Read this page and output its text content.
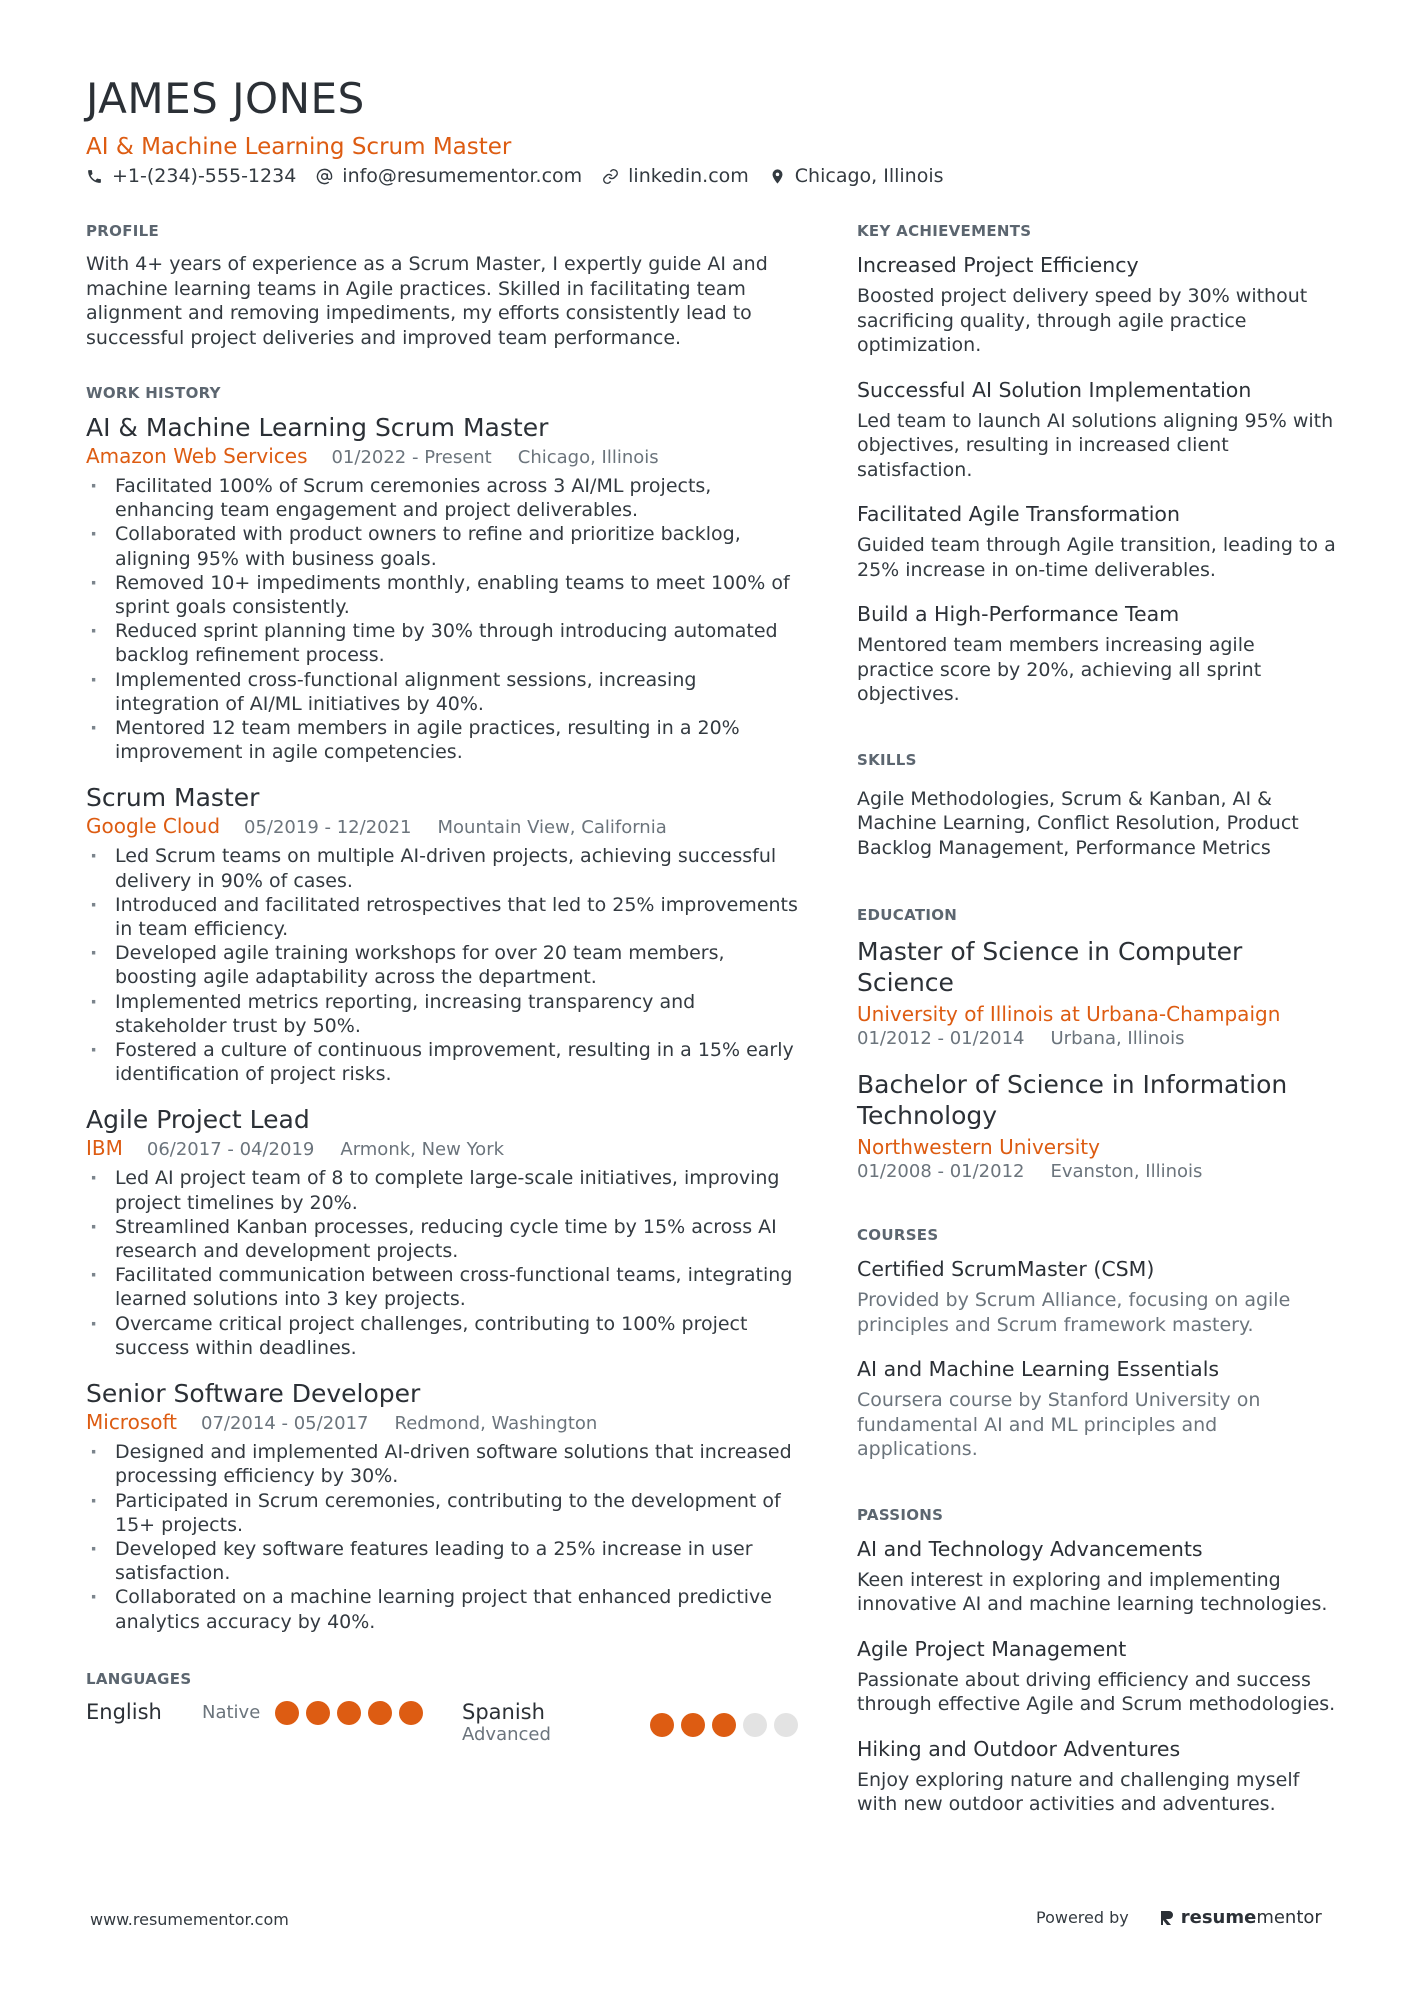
JAMES JONES
AI & Machine Learning Scrum Master
+1-(234)-555-1234 info@resumementor.com linkedin.com Chicago, Illinois
PROFILE

With 4+ years of experience as a Scrum Master, I expertly guide AI and machine learning teams in Agile practices. Skilled in facilitating team alignment and removing impediments, my efforts consistently lead to successful project deliveries and improved team performance.

WORK HISTORY
AI & Machine Learning Scrum Master
Amazon Web Services 01/2022 - Present Chicago, Illinois
· Facilitated 100% of Scrum ceremonies across 3 AI/ML projects, enhancing team engagement and project deliverables.
· Collaborated with product owners to refine and prioritize backlog, aligning 95% with business goals.
· Removed 10+ impediments monthly, enabling teams to meet 100% of sprint goals consistently.
· Reduced sprint planning time by 30% through introducing automated backlog refinement process.
· Implemented cross-functional alignment sessions, increasing integration of AI/ML initiatives by 40%.
· Mentored 12 team members in agile practices, resulting in a 20% improvement in agile competencies.
Scrum Master
Google Cloud 05/2019 - 12/2021 Mountain View, California
· Led Scrum teams on multiple AI-driven projects, achieving successful delivery in 90% of cases.
· Introduced and facilitated retrospectives that led to 25% improvements in team efficiency.
· Developed agile training workshops for over 20 team members, boosting agile adaptability across the department.
· Implemented metrics reporting, increasing transparency and stakeholder trust by 50%.
· Fostered a culture of continuous improvement, resulting in a 15% early identification of project risks.
Agile Project Lead
IBM 06/2017 - 04/2019 Armonk, New York
· Led AI project team of 8 to complete large-scale initiatives, improving project timelines by 20%.
· Streamlined Kanban processes, reducing cycle time by 15% across AI research and development projects.
· Facilitated communication between cross-functional teams, integrating learned solutions into 3 key projects.
· Overcame critical project challenges, contributing to 100% project success within deadlines.
Senior Software Developer
Microsoft 07/2014 - 05/2017 Redmond, Washington
· Designed and implemented AI-driven software solutions that increased processing efficiency by 30%.
· Participated in Scrum ceremonies, contributing to the development of 15+ projects.
· Developed key software features leading to a 25% increase in user satisfaction.
· Collaborated on a machine learning project that enhanced predictive analytics accuracy by 40%.
LANGUAGES
English	Native	Spanish
Advanced
KEY ACHIEVEMENTS
Increased Project Efficiency

Boosted project delivery speed by 30% without sacrificing quality, through agile practice optimization.

Successful AI Solution Implementation

Led team to launch AI solutions aligning 95% with objectives, resulting in increased client satisfaction.

Facilitated Agile Transformation

Guided team through Agile transition, leading to a 25% increase in on-time deliverables.

Build a High-Performance Team

Mentored team members increasing agile practice score by 20%, achieving all sprint objectives.

SKILLS

Agile Methodologies, Scrum & Kanban, AI & Machine Learning, Conflict Resolution, Product Backlog Management, Performance Metrics

EDUCATION
Master of Science in Computer Science
University of Illinois at Urbana-Champaign
01/2012 - 01/2014 Urbana, Illinois
Bachelor of Science in Information Technology
Northwestern University
01/2008 - 01/2012 Evanston, Illinois
COURSES
Certified ScrumMaster (CSM)

Provided by Scrum Alliance, focusing on agile principles and Scrum framework mastery.

AI and Machine Learning Essentials

Coursera course by Stanford University on fundamental AI and ML principles and applications.

PASSIONS
AI and Technology Advancements

Keen interest in exploring and implementing innovative AI and machine learning technologies.

Agile Project Management

Passionate about driving efficiency and success through effective Agile and Scrum methodologies.

Hiking and Outdoor Adventures

Enjoy exploring nature and challenging myself with new outdoor activities and adventures.

www.resumementor.com	Powered by	resume mentor
